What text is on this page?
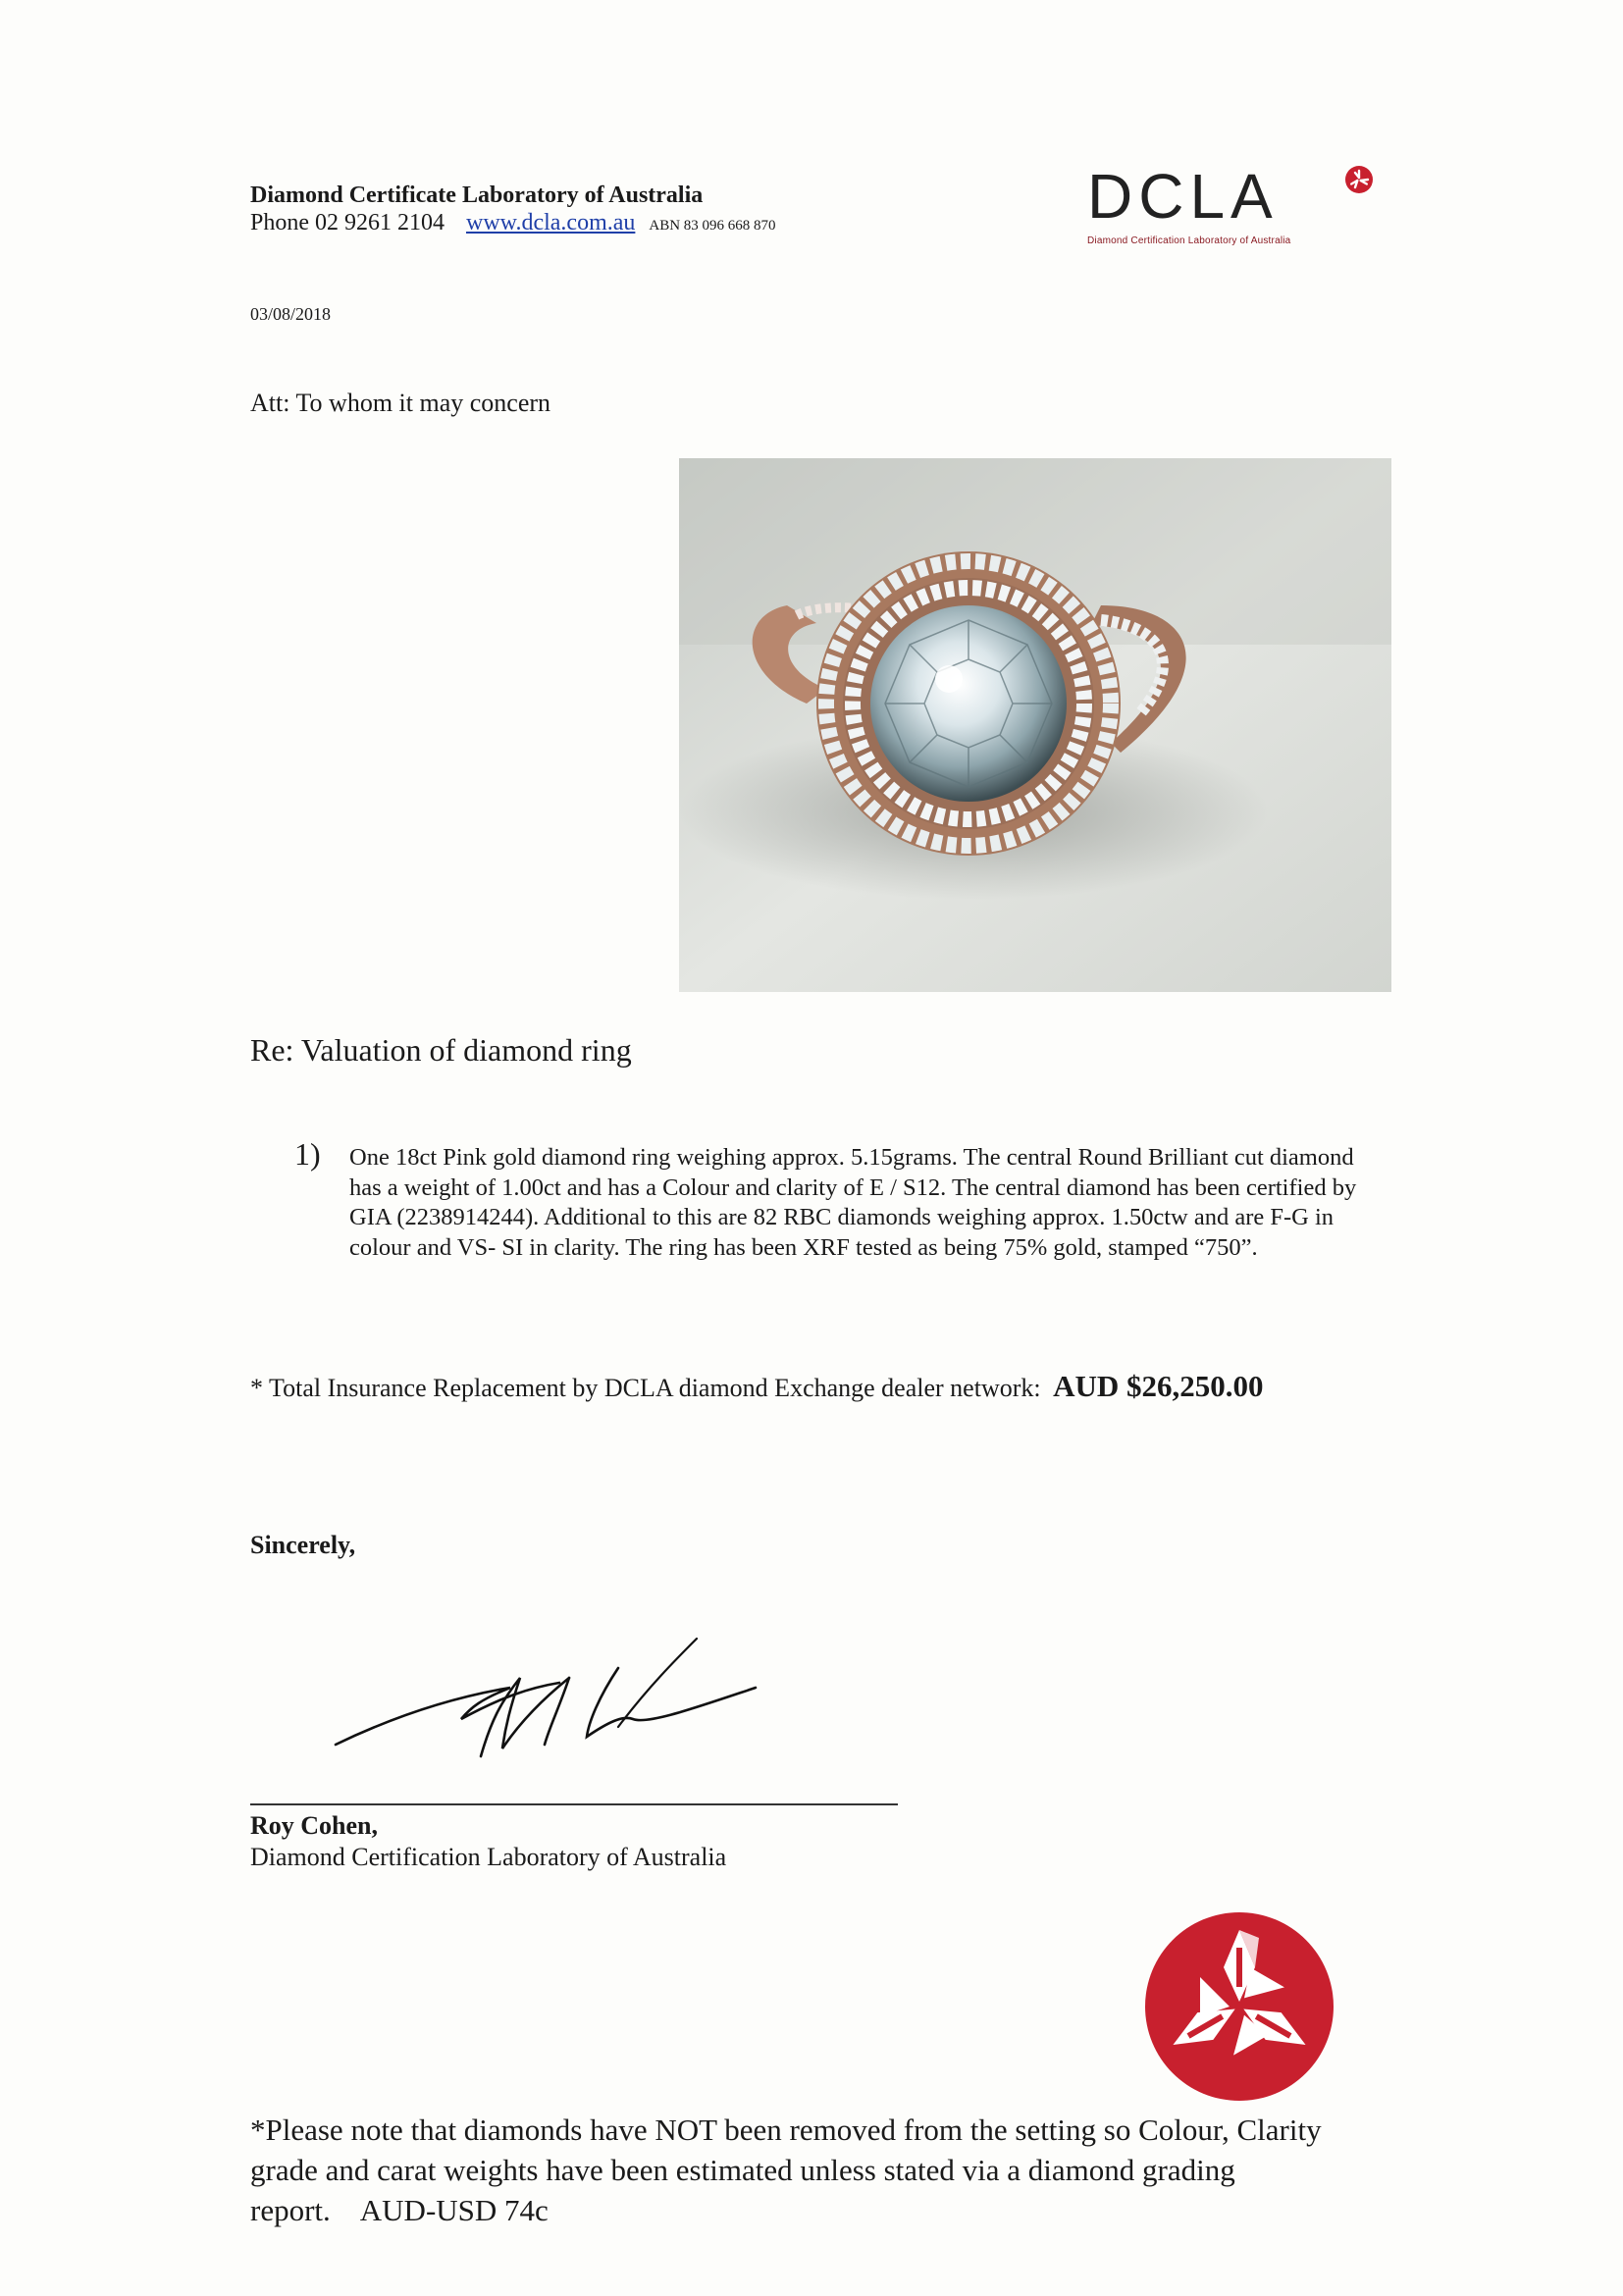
Diamond Certificate Laboratory of Australia
Phone 02 9261 2104 www.dcla.com.au ABN 83 096 668 870	DCLA
Diamond Certification Laboratory of Australia
03/08/2018
Att: To whom it may concern
Re: Valuation of diamond ring
1) One 18ct Pink gold diamond ring weighing approx. 5.15grams. The central Round Brilliant cut diamond has a weight of 1.00ct and has a Colour and clarity of E / S12. The central diamond has been certified by GIA (2238914244). Additional to this are 82 RBC diamonds weighing approx. 1.50ctw and are F-G in colour and VS- SI in clarity. The ring has been XRF tested as being 75% gold, stamped “750”.
* Total Insurance Replacement by DCLA diamond Exchange dealer network: AUD $26,250.00
Sincerely,
Roy Cohen,
Diamond Certification Laboratory of Australia
*Please note that diamonds have NOT been removed from the setting so Colour, Clarity grade and carat weights have been estimated unless stated via a diamond grading report. AUD-USD 74c
